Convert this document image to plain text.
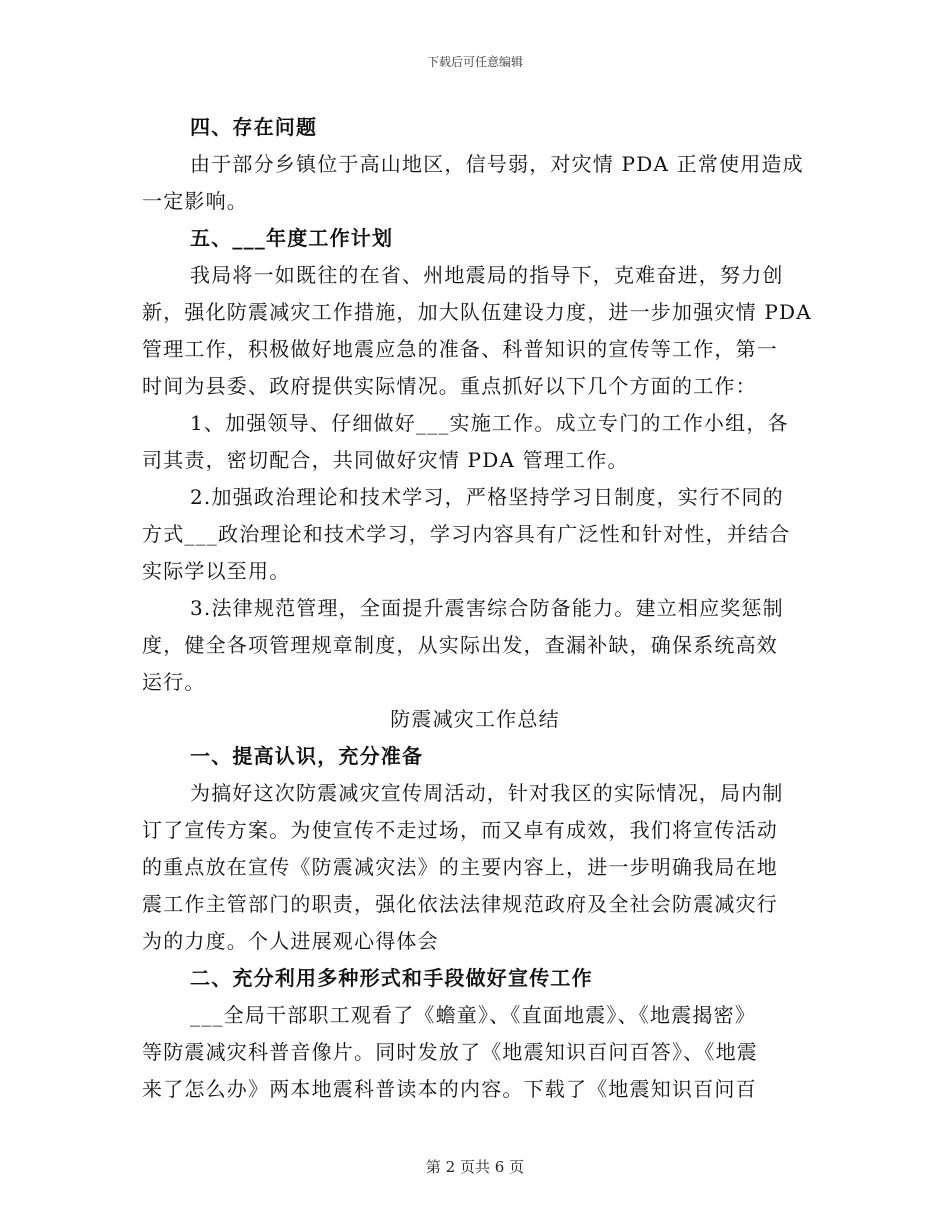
下载后可任意编辑
四、存在问题
由于部分乡镇位于高山地区，信号弱，对灾情 PDA 正常使用造成
一定影响。
五、___年度工作计划
我局将一如既往的在省、州地震局的指导下，克难奋进，努力创
新，强化防震减灾工作措施，加大队伍建设力度，进一步加强灾情 PDA
管理工作，积极做好地震应急的准备、科普知识的宣传等工作，第一
时间为县委、政府提供实际情况。重点抓好以下几个方面的工作：
1、加强领导、仔细做好___实施工作。成立专门的工作小组，各
司其责，密切配合，共同做好灾情 PDA 管理工作。
2.加强政治理论和技术学习，严格坚持学习日制度，实行不同的
方式___政治理论和技术学习，学习内容具有广泛性和针对性，并结合
实际学以至用。
3.法律规范管理，全面提升震害综合防备能力。建立相应奖惩制
度，健全各项管理规章制度，从实际出发，查漏补缺，确保系统高效
运行。
防震减灾工作总结
一、提高认识，充分准备
为搞好这次防震减灾宣传周活动，针对我区的实际情况，局内制
订了宣传方案。为使宣传不走过场，而又卓有成效，我们将宣传活动
的重点放在宣传《防震减灾法》的主要内容上，进一步明确我局在地
震工作主管部门的职责，强化依法法律规范政府及全社会防震减灾行
为的力度。个人进展观心得体会
二、充分利用多种形式和手段做好宣传工作
___全局干部职工观看了《蟾童》、《直面地震》、《地震揭密》
等防震减灾科普音像片。同时发放了《地震知识百问百答》、《地震
来了怎么办》两本地震科普读本的内容。下载了《地震知识百问百
第 2 页共 6 页
